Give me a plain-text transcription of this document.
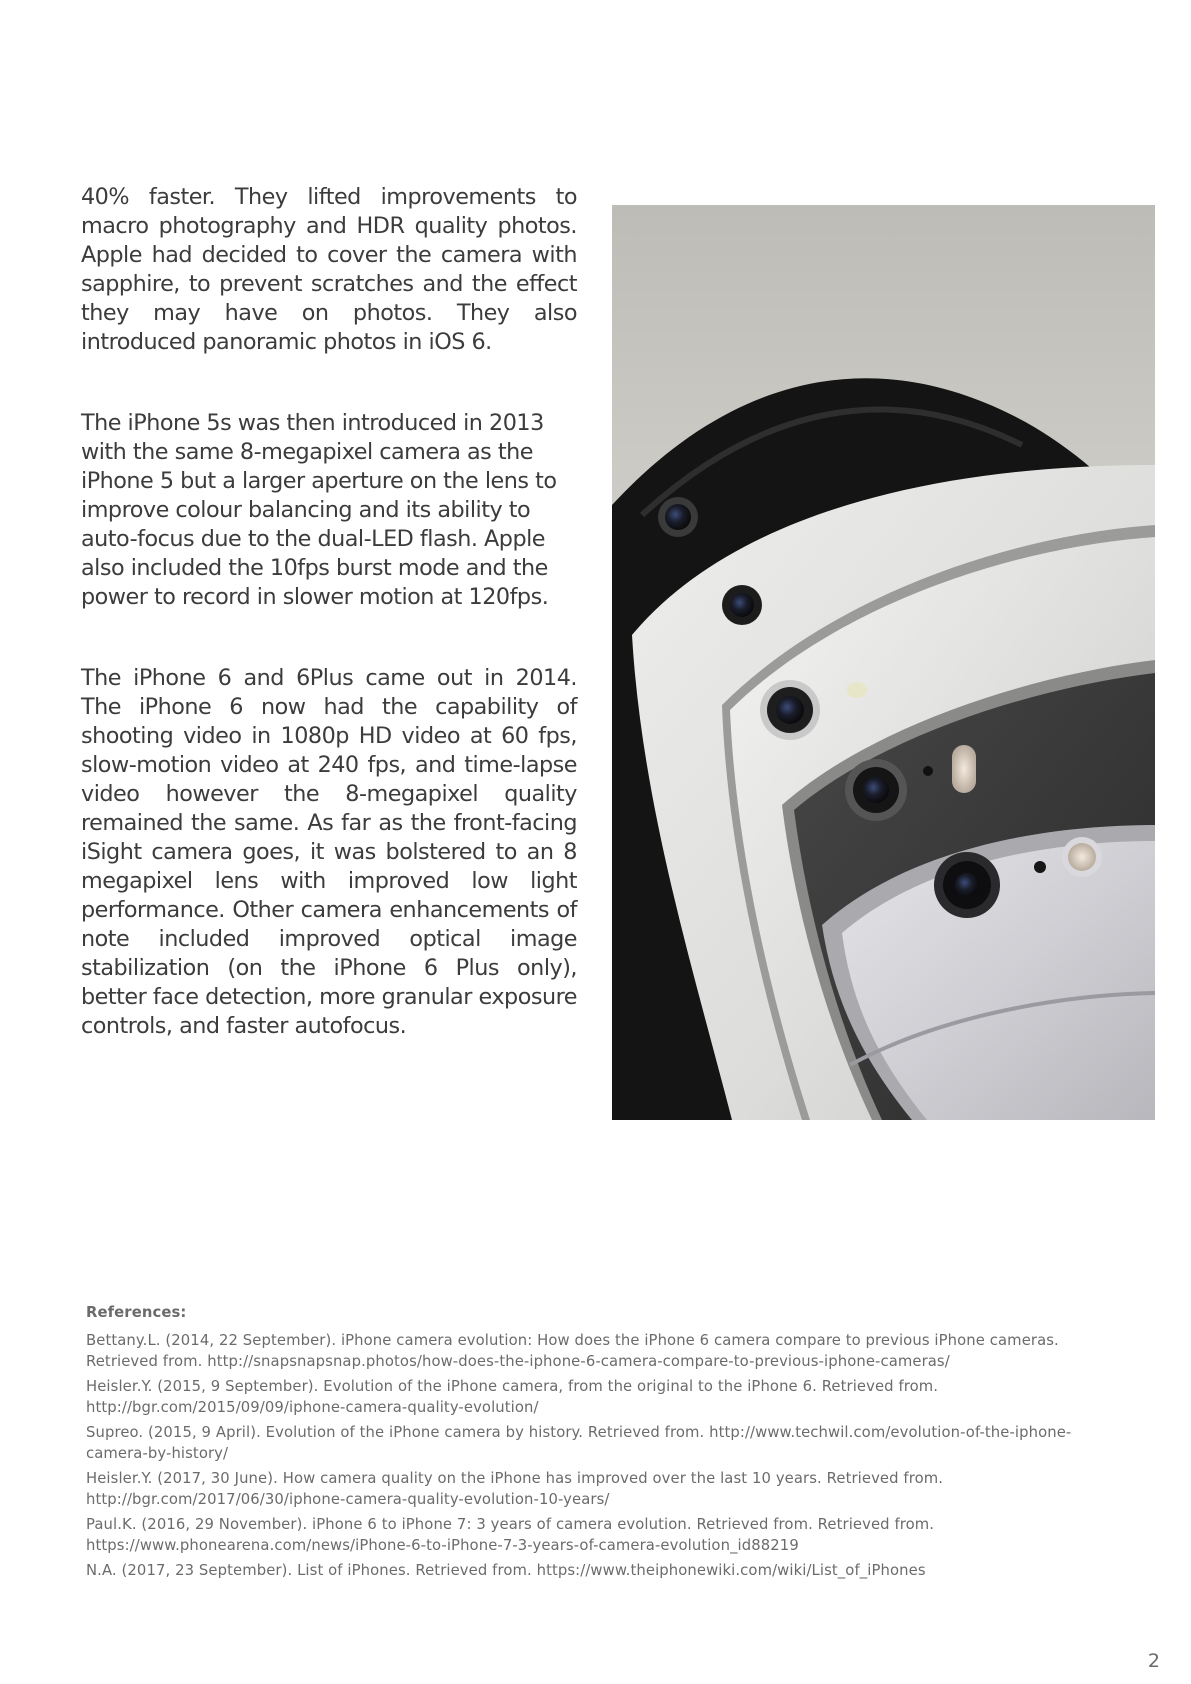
40% faster. They lifted improvements to macro photography and HDR quality photos. Apple had decided to cover the camera with sapphire, to prevent scratches and the effect they may have on photos. They also introduced panoramic photos in iOS 6.

The iPhone 5s was then introduced in 2013 with the same 8-megapixel camera as the iPhone 5 but a larger aperture on the lens to improve colour balancing and its ability to auto-focus due to the dual-LED flash. Apple also included the 10fps burst mode and the power to record in slower motion at 120fps.

The iPhone 6 and 6Plus came out in 2014. The iPhone 6 now had the capability of shooting video in 1080p HD video at 60 fps, slow-motion video at 240 fps, and time-lapse video however the 8-megapixel quality remained the same. As far as the front-facing iSight camera goes, it was bolstered to an 8 megapixel lens with improved low light performance. Other camera enhancements of note included improved optical image stabilization (on the iPhone 6 Plus only), better face detection, more granular exposure controls, and faster autofocus.

References:

Bettany.L. (2014, 22 September). iPhone camera evolution: How does the iPhone 6 camera compare to previous iPhone cameras. Retrieved from. http://snapsnapsnap.photos/how-does-the-iphone-6-camera-compare-to-previous-iphone-cameras/
Heisler.Y. (2015, 9 September). Evolution of the iPhone camera, from the original to the iPhone 6. Retrieved from. http://bgr.com/2015/09/09/iphone-camera-quality-evolution/
Supreo. (2015, 9 April). Evolution of the iPhone camera by history. Retrieved from. http://www.techwil.com/evolution-of-the-iphone-camera-by-history/
Heisler.Y. (2017, 30 June). How camera quality on the iPhone has improved over the last 10 years. Retrieved from. http://bgr.com/2017/06/30/iphone-camera-quality-evolution-10-years/
Paul.K. (2016, 29 November). iPhone 6 to iPhone 7: 3 years of camera evolution. Retrieved from. Retrieved from. https://www.phonearena.com/news/iPhone-6-to-iPhone-7-3-years-of-camera-evolution_id88219
N.A. (2017, 23 September). List of iPhones. Retrieved from. https://www.theiphonewiki.com/wiki/List_of_iPhones
2
